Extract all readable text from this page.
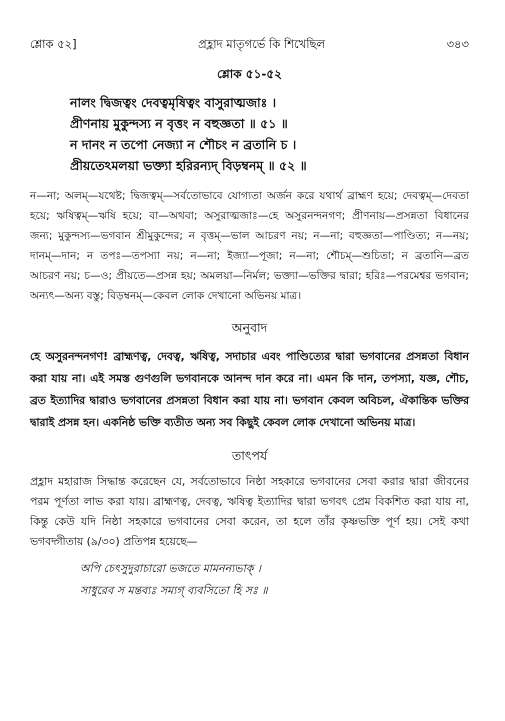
শ্লোক ৫২]	প্রহ্লাদ মাতৃগর্ভে কি শিখেছিল	৩৪৩
শ্লোক ৫১-৫২
নালং দ্বিজত্বং দেবত্বমৃষিত্বং বাসুরাত্মজাঃ ।
প্রীণনায় মুকুন্দস্য ন বৃত্তং ন বহুজ্ঞতা ॥ ৫১ ॥
ন দানং ন তপো নেজ্যা ন শৌচং ন ব্রতানি চ ।
প্রীয়তেঽমলয়া ভক্ত্যা হরিরন্যদ্ বিড়ম্বনম্ ॥ ৫২ ॥
ন—না; অলম্—যথেষ্ট; দ্বিজত্বম্—সর্বতোভাবে যোগ্যতা অর্জন করে যথার্থ ব্রাহ্মণ হয়ে; দেবত্বম্—দেবতা হয়ে; ঋষিত্বম্—ঋষি হয়ে; বা—অথবা; অসুরাত্মজাঃ—হে অসুরনন্দনগণ; প্রীণনায়—প্রসন্নতা বিধানের জন্য; মুকুন্দস্য—ভগবান শ্রীমুকুন্দের; ন বৃত্তম্—ভাল আচরণ নয়; ন—না; বহুজ্ঞতা—পাণ্ডিত্য; ন—নয়; দানম্—দান; ন তপঃ—তপস্যা নয়; ন—না; ইজ্যা—পূজা; ন—না; শৌচম্—শুচিতা; ন ব্রতানি—ব্রত আচরণ নয়; চ—ও; প্রীয়তে—প্রসন্ন হয়; অমলয়া—নির্মল; ভক্ত্যা—ভক্তির দ্বারা; হরিঃ—পরমেশ্বর ভগবান; অন্যৎ—অন্য বস্তু; বিড়ম্বনম্—কেবল লোক দেখানো অভিনয় মাত্র।
অনুবাদ
হে অসুরনন্দনগণ! ব্রাহ্মণত্ব, দেবত্ব, ঋষিত্ব, সদাচার এবং পাণ্ডিত্যের দ্বারা ভগবানের প্রসন্নতা বিধান করা যায় না। এই সমস্ত গুণগুলি ভগবানকে আনন্দ দান করে না। এমন কি দান, তপস্যা, যজ্ঞ, শৌচ, ব্রত ইত্যাদির দ্বারাও ভগবানের প্রসন্নতা বিধান করা যায় না। ভগবান কেবল অবিচল, ঐকান্তিক ভক্তির দ্বারাই প্রসন্ন হন। একনিষ্ঠ ভক্তি ব্যতীত অন্য সব কিছুই কেবল লোক দেখানো অভিনয় মাত্র।
তাৎপর্য
প্রহ্লাদ মহারাজ সিদ্ধান্ত করেছেন যে, সর্বতোভাবে নিষ্ঠা সহকারে ভগবানের সেবা করার দ্বারা জীবনের পরম পূর্ণতা লাভ করা যায়। ব্রাহ্মণত্ব, দেবত্ব, ঋষিত্ব ইত্যাদির দ্বারা ভগবৎ প্রেম বিকশিত করা যায় না, কিন্তু কেউ যদি নিষ্ঠা সহকারে ভগবানের সেবা করেন, তা হলে তাঁর কৃষ্ণভক্তি পূর্ণ হয়। সেই কথা ভগবদ্গীতায় (৯/৩০) প্রতিপন্ন হয়েছে—
অপি চেৎসুদুরাচারো ভজতে মামনন্যভাক্ ।
সাধুরেব স মন্তব্যঃ সম্যগ্ ব্যবসিতো হি সঃ ॥
